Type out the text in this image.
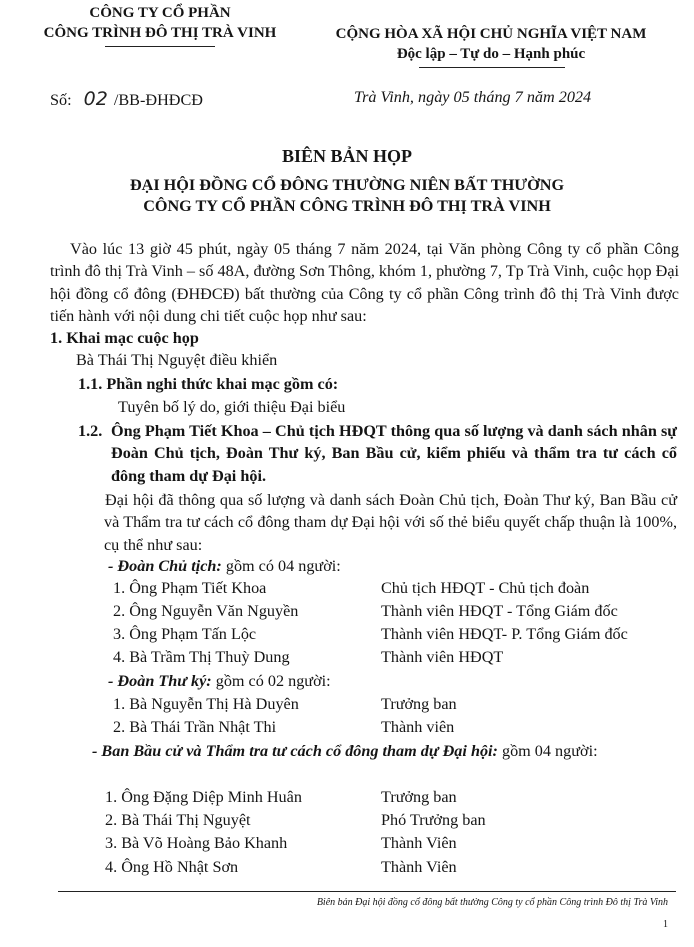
CÔNG TY CỔ PHẦN
CÔNG TRÌNH ĐÔ THỊ TRÀ VINH	CỘNG HÒA XÃ HỘI CHỦ NGHĨA VIỆT NAM
Độc lập – Tự do – Hạnh phúc
Số: 02 /BB-ĐHĐCĐ	Trà Vinh, ngày 05 tháng 7 năm 2024
BIÊN BẢN HỌP
ĐẠI HỘI ĐỒNG CỔ ĐÔNG THƯỜNG NIÊN BẤT THƯỜNG
CÔNG TY CỔ PHẦN CÔNG TRÌNH ĐÔ THỊ TRÀ VINH
Vào lúc 13 giờ 45 phút, ngày 05 tháng 7 năm 2024, tại Văn phòng Công ty cổ phần Công trình đô thị Trà Vinh – số 48A, đường Sơn Thông, khóm 1, phường 7, Tp Trà Vinh, cuộc họp Đại hội đồng cổ đông (ĐHĐCĐ) bất thường của Công ty cổ phần Công trình đô thị Trà Vinh được tiến hành với nội dung chi tiết cuộc họp như sau:
1. Khai mạc cuộc họp
Bà Thái Thị Nguyệt điều khiển
1.1. Phần nghi thức khai mạc gồm có:
Tuyên bố lý do, giới thiệu Đại biểu
1.2. Ông Phạm Tiết Khoa – Chủ tịch HĐQT thông qua số lượng và danh sách nhân sự Đoàn Chủ tịch, Đoàn Thư ký, Ban Bầu cử, kiểm phiếu và thẩm tra tư cách cổ đông tham dự Đại hội.
Đại hội đã thông qua số lượng và danh sách Đoàn Chủ tịch, Đoàn Thư ký, Ban Bầu cử và Thẩm tra tư cách cổ đông tham dự Đại hội với số thẻ biểu quyết chấp thuận là 100%, cụ thể như sau:
- Đoàn Chủ tịch: gồm có 04 người:
1. Ông Phạm Tiết Khoa	Chủ tịch HĐQT - Chủ tịch đoàn
2. Ông Nguyễn Văn Nguyền	Thành viên HĐQT - Tổng Giám đốc
3. Ông Phạm Tấn Lộc	Thành viên HĐQT- P. Tổng Giám đốc
4. Bà Trầm Thị Thuỳ Dung	Thành viên HĐQT
- Đoàn Thư ký: gồm có 02 người:
1. Bà Nguyễn Thị Hà Duyên	Trưởng ban
2. Bà Thái Trần Nhật Thi	Thành viên
- Ban Bầu cử và Thẩm tra tư cách cổ đông tham dự Đại hội: gồm 04 người:
1. Ông Đặng Diệp Minh Huân	Trưởng ban
2. Bà Thái Thị Nguyệt	Phó Trưởng ban
3. Bà Võ Hoàng Bảo Khanh	Thành Viên
4. Ông Hồ Nhật Sơn	Thành Viên
Biên bản Đại hội đồng cổ đông bất thường Công ty cổ phần Công trình Đô thị Trà Vinh
1
